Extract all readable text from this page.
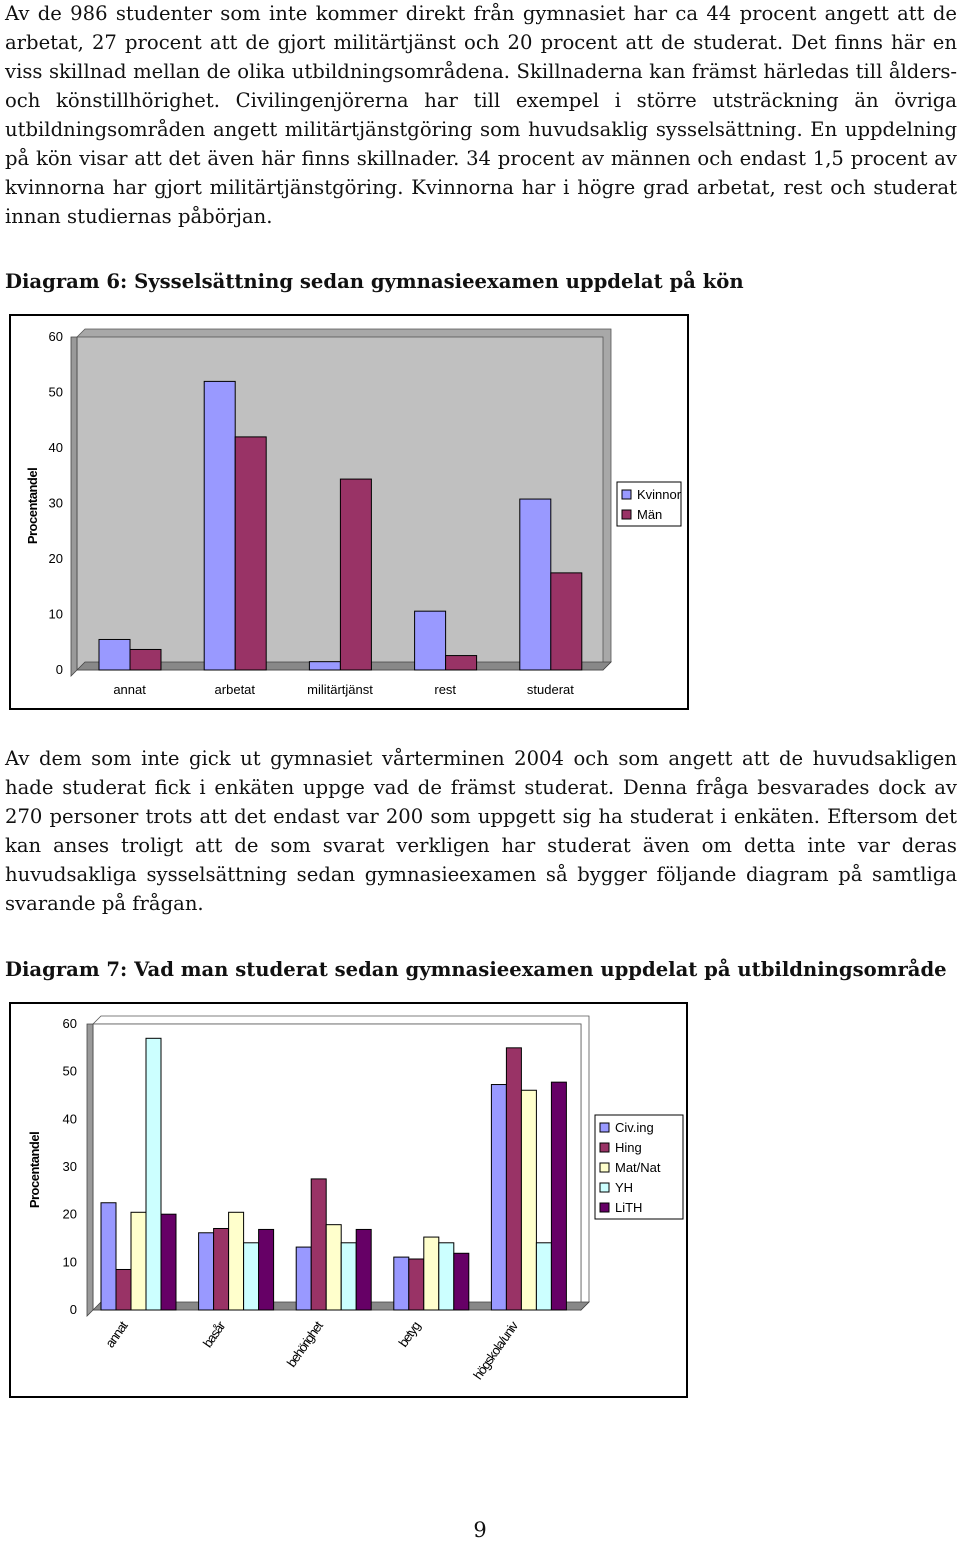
Av de 986 studenter som inte kommer direkt från gymnasiet har ca 44 procent angett att de arbetat, 27 procent att de gjort militärtjänst och 20 procent att de studerat. Det finns här en viss skillnad mellan de olika utbildningsområdena. Skillnaderna kan främst härledas till ålders- och könstillhörighet. Civilingenjörerna har till exempel i större utsträckning än övriga utbildningsområden angett militärtjänstgöring som huvudsaklig sysselsättning. En uppdelning på kön visar att det även här finns skillnader. 34 procent av männen och endast 1,5 procent av kvinnorna har gjort militärtjänstgöring. Kvinnorna har i högre grad arbetat, rest och studerat innan studiernas påbörjan.

Diagram 6: Sysselsättning sedan gymnasieexamen uppdelat på kön
0
10
20
30
40
50
60
Procentandel
annat	arbetat	militärtjänst	rest	studerat
Kvinnor
Män

Av dem som inte gick ut gymnasiet vårterminen 2004 och som angett att de huvudsakligen hade studerat fick i enkäten uppge vad de främst studerat. Denna fråga besvarades dock av 270 personer trots att det endast var 200 som uppgett sig ha studerat i enkäten. Eftersom det kan anses troligt att de som svarat verkligen har studerat även om detta inte var deras huvudsakliga sysselsättning sedan gymnasieexamen så bygger följande diagram på samtliga svarande på frågan.

Diagram 7: Vad man studerat sedan gymnasieexamen uppdelat på utbildningsområde
0
10
20
30
40
50
60
Procentandel
annat	basår	behörighet	betyg	högskola/univ
Civ.ing
Hing
Mat/Nat
YH
LiTH
9
